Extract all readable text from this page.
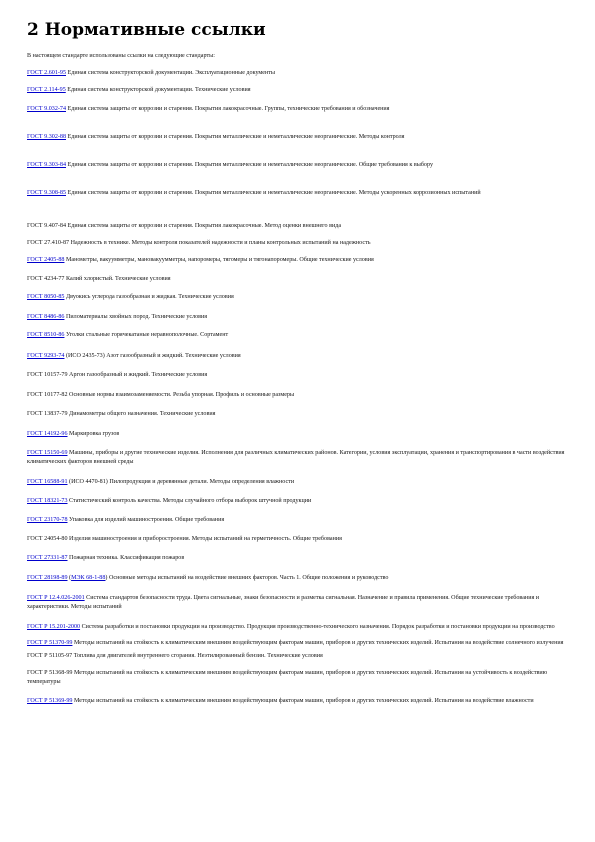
2 Нормативные ссылки

В настоящем стандарте использованы ссылки на следующие стандарты:

ГОСТ 2.601-95 Единая система конструкторской документации. Эксплуатационные документы

ГОСТ 2.114-95 Единая система конструкторской документации. Технические условия

ГОСТ 9.032-74 Единая система защиты от коррозии и старения. Покрытия лакокрасочные. Группы, технические требования и обозначения

ГОСТ 9.302-88 Единая система защиты от коррозии и старения. Покрытия металлические и неметаллические неорганические. Методы контроля

ГОСТ 9.303-84 Единая система защиты от коррозии и старения. Покрытия металлические и неметаллические неорганические. Общие требования к выбору

ГОСТ 9.308-85 Единая система защиты от коррозии и старения. Покрытия металлические и неметаллические неорганические. Методы ускоренных коррозионных испытаний

ГОСТ 9.407-84 Единая система защиты от коррозии и старения. Покрытия лакокрасочные. Метод оценки внешнего вида

ГОСТ 27.410-87 Надежность в технике. Методы контроля показателей надежности и планы контрольных испытаний на надежность

ГОСТ 2405-88 Манометры, вакуумметры, мановакуумметры, напоромеры, тягомеры и тягонапоромеры. Общие технические условия

ГОСТ 4234-77 Калий хлористый. Технические условия

ГОСТ 8050-85 Двуокись углерода газообразная и жидкая. Технические условия

ГОСТ 8486-86 Пиломатериалы хвойных пород. Технические условия

ГОСТ 8510-86 Уголки стальные горячекатаные неравнополочные. Сортамент

ГОСТ 9293-74 (ИСО 2435-73) Азот газообразный и жидкий. Технические условия

ГОСТ 10157-79 Аргон газообразный и жидкий. Технические условия

ГОСТ 10177-82 Основные нормы взаимозаменяемости. Резьба упорная. Профиль и основные размеры

ГОСТ 13837-79 Динамометры общего назначения. Технические условия

ГОСТ 14192-96 Маркировка грузов

ГОСТ 15150-69 Машины, приборы и другие технические изделия. Исполнения для различных климатических районов. Категории, условия эксплуатации, хранения и транспортирования в части воздействия климатических факторов внешней среды

ГОСТ 16588-91 (ИСО 4470-81) Пилопродукция и деревянные детали. Методы определения влажности

ГОСТ 18321-73 Статистический контроль качества. Методы случайного отбора выборок штучной продукции

ГОСТ 23170-78 Упаковка для изделий машиностроения. Общие требования

ГОСТ 24054-80 Изделия машиностроения и приборостроения. Методы испытаний на герметичность. Общие требования

ГОСТ 27331-87 Пожарная техника. Классификация пожаров

ГОСТ 28198-89 (МЭК 68-1-88) Основные методы испытаний на воздействие внешних факторов. Часть 1. Общие положения и руководство

ГОСТ Р 12.4.026-2001 Система стандартов безопасности труда. Цвета сигнальные, знаки безопасности и разметка сигнальная. Назначение и правила применения. Общие технические требования и характеристики. Методы испытаний

ГОСТ Р 15.201-2000 Система разработки и постановки продукции на производство. Продукция производственно-технического назначения. Порядок разработки и постановки продукции на производство

ГОСТ Р 51105-97 Топлива для двигателей внутреннего сгорания. Неэтилированный бензин. Технические условия

ГОСТ Р 51368-99 Методы испытаний на стойкость к климатическим внешним воздействующим факторам машин, приборов и других технических изделий. Испытания на устойчивость к воздействию температуры

ГОСТ Р 51369-99 Методы испытаний на стойкость к климатическим внешним воздействующим факторам машин, приборов и других технических изделий. Испытания на воздействие влажности

ГОСТ Р 51370-99 Методы испытаний на стойкость к климатическим внешним воздействующим факторам машин, приборов и других технических изделий. Испытания на воздействие солнечного излучения
